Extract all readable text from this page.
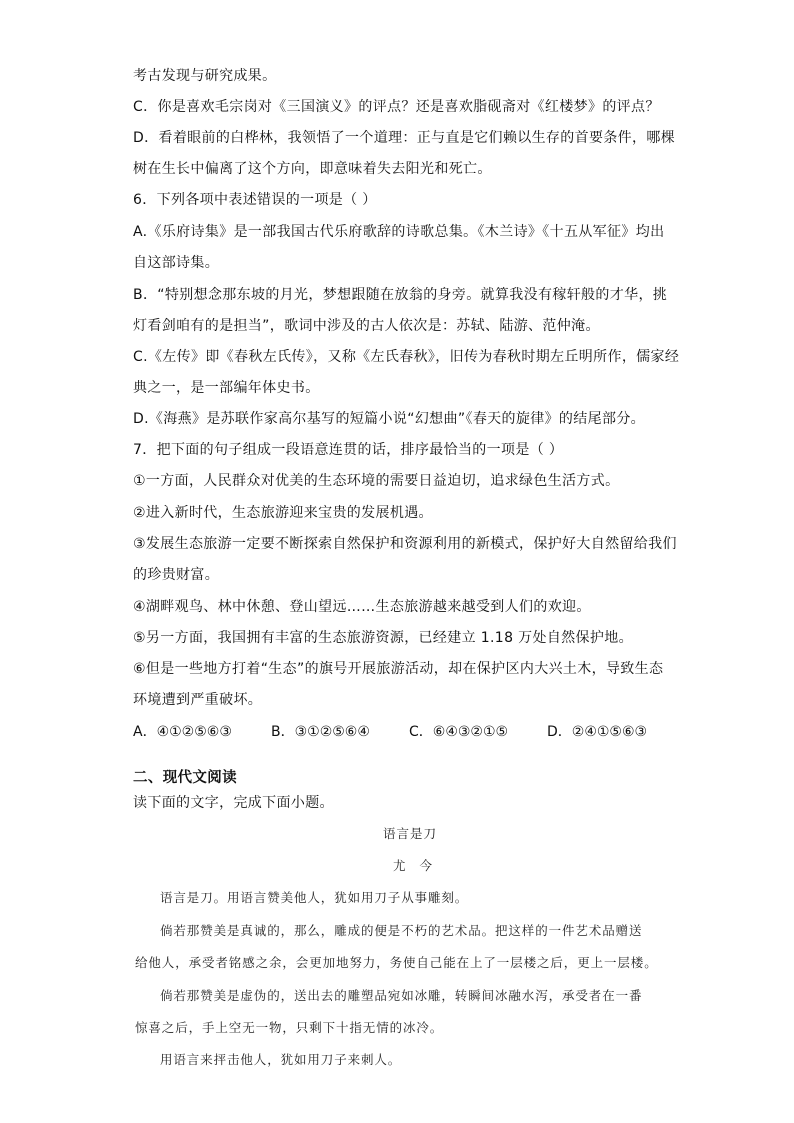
考古发现与研究成果。
C．你是喜欢毛宗岗对《三国演义》的评点？还是喜欢脂砚斋对《红楼梦》的评点？
D．看着眼前的白桦林，我领悟了一个道理：正与直是它们赖以生存的首要条件，哪棵
树在生长中偏离了这个方向，即意味着失去阳光和死亡。
6．下列各项中表述错误的一项是（ ）
A.《乐府诗集》是一部我国古代乐府歌辞的诗歌总集。《木兰诗》《十五从军征》均出
自这部诗集。
B．“特别想念那东坡的月光，梦想跟随在放翁的身旁。就算我没有稼轩般的才华，挑
灯看剑咱有的是担当”，歌词中涉及的古人依次是：苏轼、陆游、范仲淹。
C.《左传》即《春秋左氏传》，又称《左氏春秋》，旧传为春秋时期左丘明所作，儒家经
典之一，是一部编年体史书。
D.《海燕》是苏联作家高尔基写的短篇小说“幻想曲”《春天的旋律》的结尾部分。
7．把下面的句子组成一段语意连贯的话，排序最恰当的一项是（ ）
①一方面，人民群众对优美的生态环境的需要日益迫切，追求绿色生活方式。
②进入新时代，生态旅游迎来宝贵的发展机遇。
③发展生态旅游一定要不断探索自然保护和资源利用的新模式，保护好大自然留给我们
的珍贵财富。
④湖畔观鸟、林中休憩、登山望远……生态旅游越来越受到人们的欢迎。
⑤另一方面，我国拥有丰富的生态旅游资源，已经建立 1.18 万处自然保护地。
⑥但是一些地方打着“生态”的旗号开展旅游活动，却在保护区内大兴土木，导致生态
环境遭到严重破坏。
A．④①②⑤⑥③	B．③①②⑤⑥④	C．⑥④③②①⑤	D．②④①⑤⑥③
二、现代文阅读
读下面的文字，完成下面小题。
语言是刀
尤今
语言是刀。用语言赞美他人，犹如用刀子从事雕刻。
倘若那赞美是真诚的，那么，雕成的便是不朽的艺术品。把这样的一件艺术品赠送
给他人，承受者铭感之余，会更加地努力，务使自己能在上了一层楼之后，更上一层楼。
倘若那赞美是虚伪的，送出去的雕塑品宛如冰雕，转瞬间冰融水泻，承受者在一番
惊喜之后，手上空无一物，只剩下十指无情的冰冷。
用语言来抨击他人，犹如用刀子来刺人。
